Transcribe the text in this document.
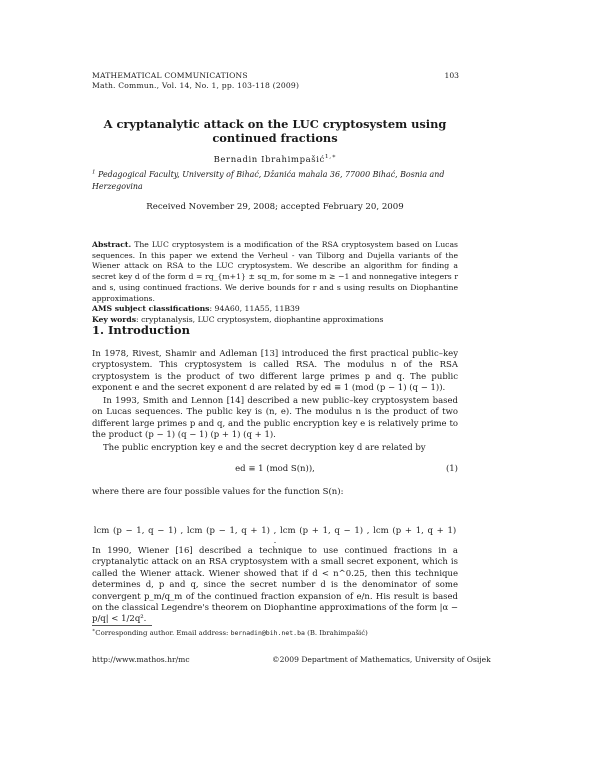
MATHEMATICAL COMMUNICATIONS
Math. Commun., Vol. 14, No. 1, pp. 103-118 (2009)
103
A cryptanalytic attack on the LUC cryptosystem using
continued fractions
Bernadin Ibrahimpašić$^{1,∗}$
$^1$ Pedagogical Faculty, University of Bihać, Džanića mahala 36, 77000 Bihać, Bosnia and Herzegovina
Received November 29, 2008; accepted February 20, 2009
Abstract. The LUC cryptosystem is a modification of the RSA cryptosystem based on Lucas sequences. In this paper we extend the Verheul - van Tilborg and Dujella variants of the Wiener attack on RSA to the LUC cryptosystem. We describe an algorithm for finding a secret key d of the form d = rq_{m+1} ± sq_m, for some m ≥ −1 and nonnegative integers r and s, using continued fractions. We derive bounds for r and s using results on Diophantine approximations.
AMS subject classifications: 94A60, 11A55, 11B39
Key words: cryptanalysis, LUC cryptosystem, diophantine approximations
1. Introduction
In 1978, Rivest, Shamir and Adleman [13] introduced the first practical public–key cryptosystem. This cryptosystem is called RSA. The modulus n of the RSA cryptosystem is the product of two different large primes p and q. The public exponent e and the secret exponent d are related by ed ≡ 1 (mod (p − 1) (q − 1)).
In 1993, Smith and Lennon [14] described a new public–key cryptosystem based on Lucas sequences. The public key is (n, e). The modulus n is the product of two different large primes p and q, and the public encryption key e is relatively prime to the product (p − 1) (q − 1) (p + 1) (q + 1).
The public encryption key e and the secret decryption key d are related by
ed ≡ 1 (mod S(n)),	(1)
where there are four possible values for the function S(n):
lcm (p − 1, q − 1) , lcm (p − 1, q + 1) , lcm (p + 1, q − 1) , lcm (p + 1, q + 1) .
In 1990, Wiener [16] described a technique to use continued fractions in a cryptanalytic attack on an RSA cryptosystem with a small secret exponent, which is called the Wiener attack. Wiener showed that if d < n^0.25, then this technique determines d, p and q, since the secret number d is the denominator of some convergent p_m/q_m of the continued fraction expansion of e/n. His result is based on the classical Legendre's theorem on Diophantine approximations of the form |α − p/q| < 1/2q².
∗Corresponding author. Email address: bernadin@bih.net.ba (B. Ibrahimpašić)
http://www.mathos.hr/mc	©2009 Department of Mathematics, University of Osijek
